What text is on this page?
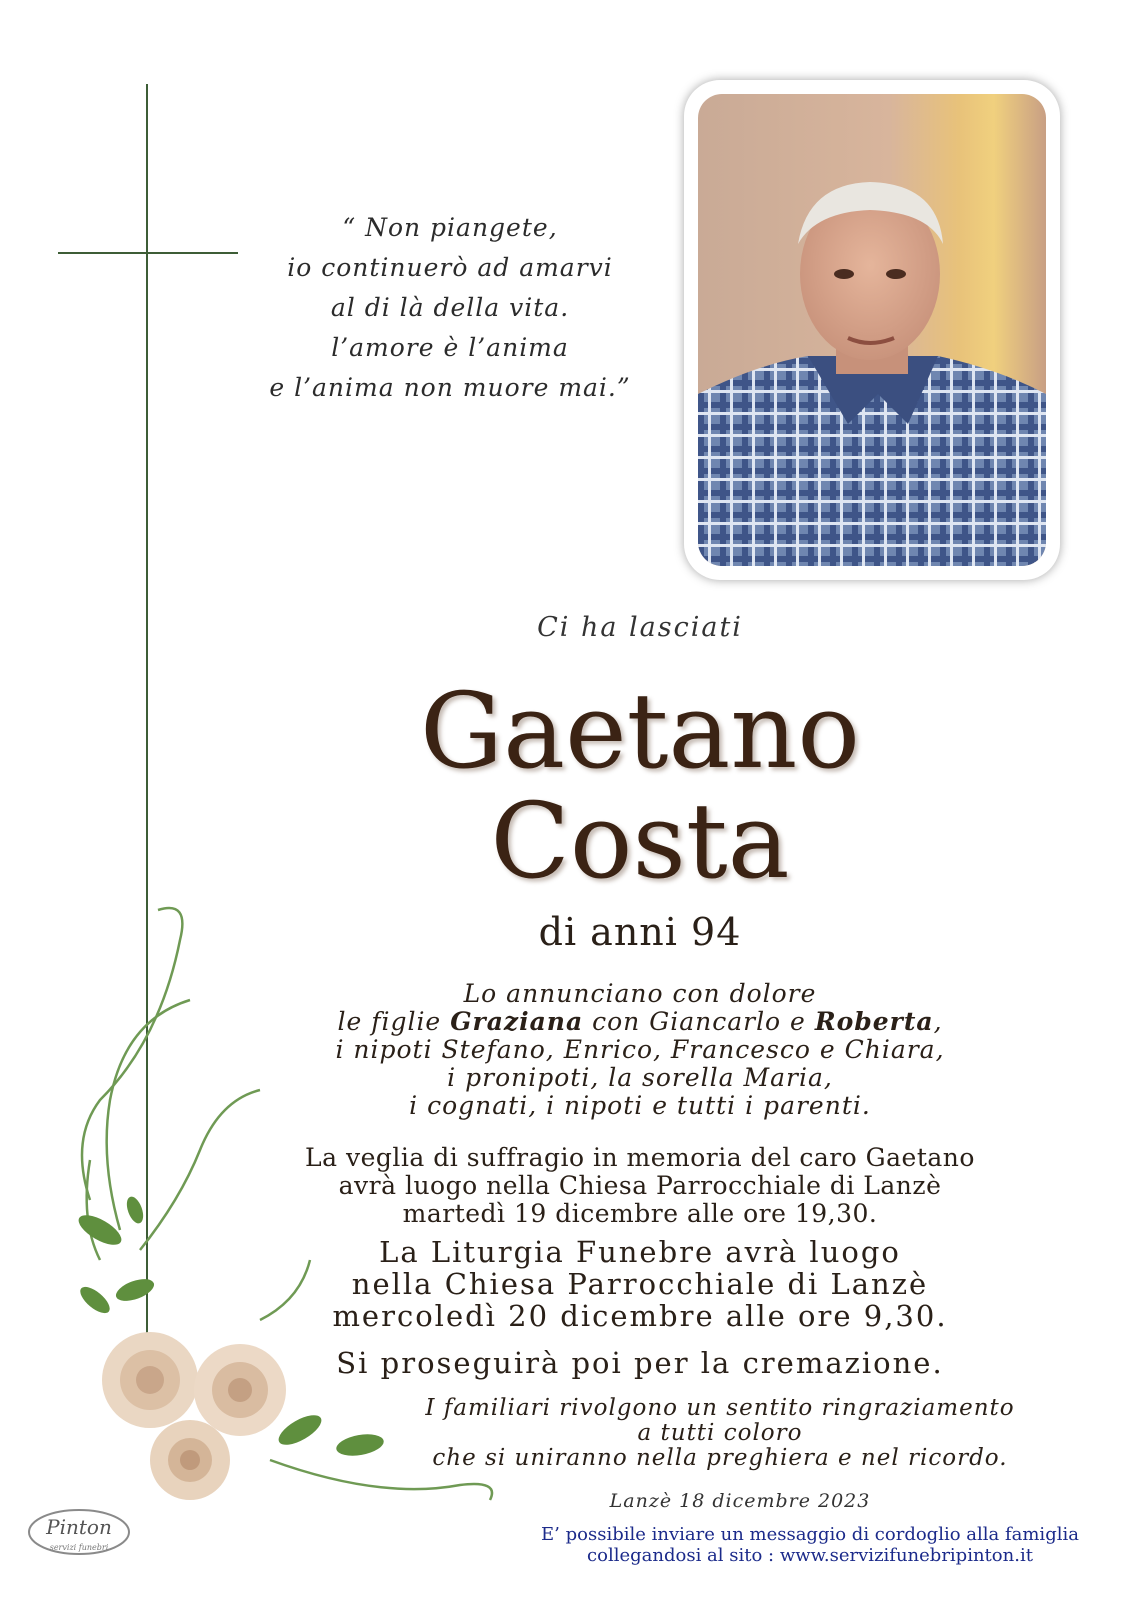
“ Non piangete,
io continuerò ad amarvi
al di là della vita.
l’amore è l’anima
e l’anima non muore mai.”
Ci ha lasciati
Gaetano
Costa
di anni 94
Lo annunciano con dolore
le figlie Graziana con Giancarlo e Roberta,
i nipoti Stefano, Enrico, Francesco e Chiara,
i pronipoti, la sorella Maria,
i cognati, i nipoti e tutti i parenti.
La veglia di suffragio in memoria del caro Gaetano
avrà luogo nella Chiesa Parrocchiale di Lanzè
martedì 19 dicembre alle ore 19,30.
La Liturgia Funebre avrà luogo
nella Chiesa Parrocchiale di Lanzè
mercoledì 20 dicembre alle ore 9,30.
Si proseguirà poi per la cremazione.
I familiari rivolgono un sentito ringraziamento
a tutti coloro
che si uniranno nella preghiera e nel ricordo.
Lanzè 18 dicembre 2023
E’ possibile inviare un messaggio di cordoglio alla famiglia
collegandosi al sito : www.servizifunebripinton.it
Pinton
servizi funebri
